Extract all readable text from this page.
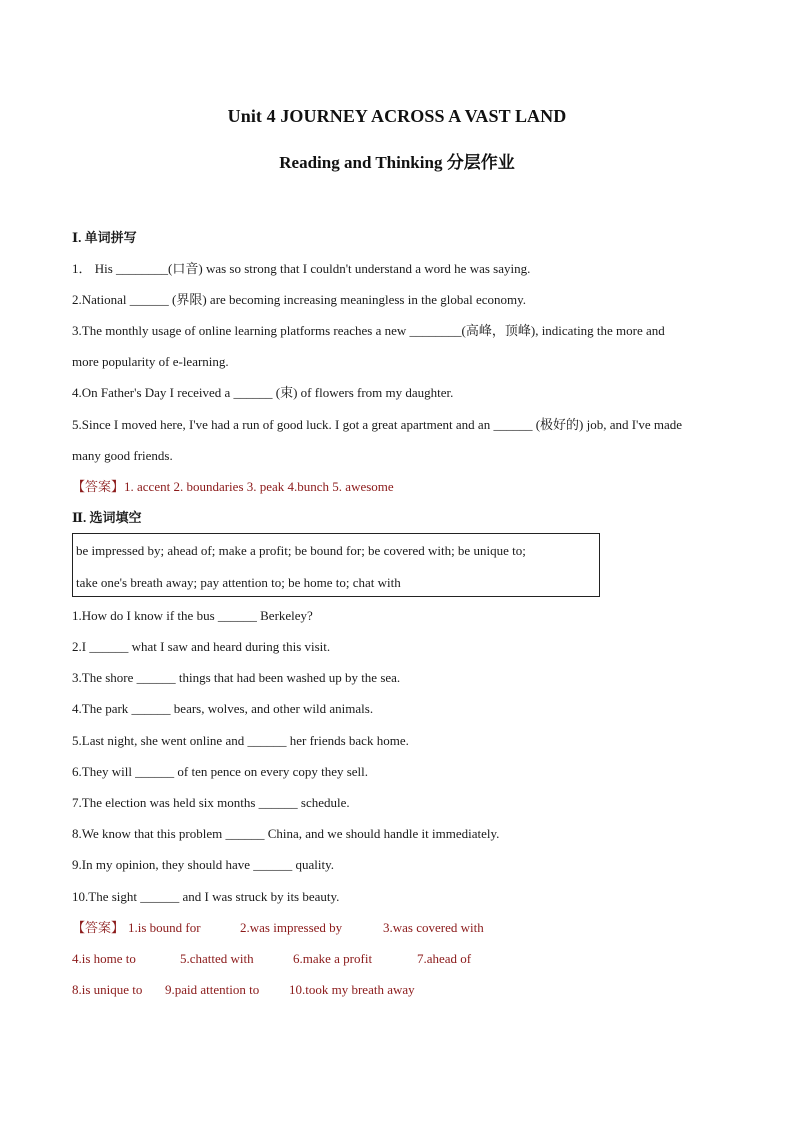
Unit 4 JOURNEY ACROSS A VAST LAND
Reading and Thinking 分层作业
Ⅰ. 单词拼写
1． His ________(口音) was so strong that I couldn't understand a word he was saying.
2.National ______ (界限) are becoming increasing meaningless in the global economy.
3.The monthly usage of online learning platforms reaches a new ________(高峰，顶峰), indicating the more and
more popularity of e-learning.
4.On Father's Day I received a ______ (束) of flowers from my daughter.
5.Since I moved here, I've had a run of good luck. I got a great apartment and an ______ (极好的) job, and I've made
many good friends.
【答案】1. accent 2. boundaries 3. peak 4.bunch 5. awesome
Ⅱ. 选词填空
be impressed by; ahead of; make a profit; be bound for; be covered with; be unique to;
take one's breath away; pay attention to; be home to; chat with
1.How do I know if the bus ______ Berkeley?
2.I ______ what I saw and heard during this visit.
3.The shore ______ things that had been washed up by the sea.
4.The park ______ bears, wolves, and other wild animals.
5.Last night, she went online and ______ her friends back home.
6.They will ______ of ten pence on every copy they sell.
7.The election was held six months ______ schedule.
8.We know that this problem ______ China, and we should handle it immediately.
9.In my opinion, they should have ______ quality.
10.The sight ______ and I was struck by its beauty.
【答案】 1.is bound for	2.was impressed by	3.was covered with
4.is home to	5.chatted with	6.make a profit	7.ahead of
8.is unique to 9.paid attention to 10.took my breath away
